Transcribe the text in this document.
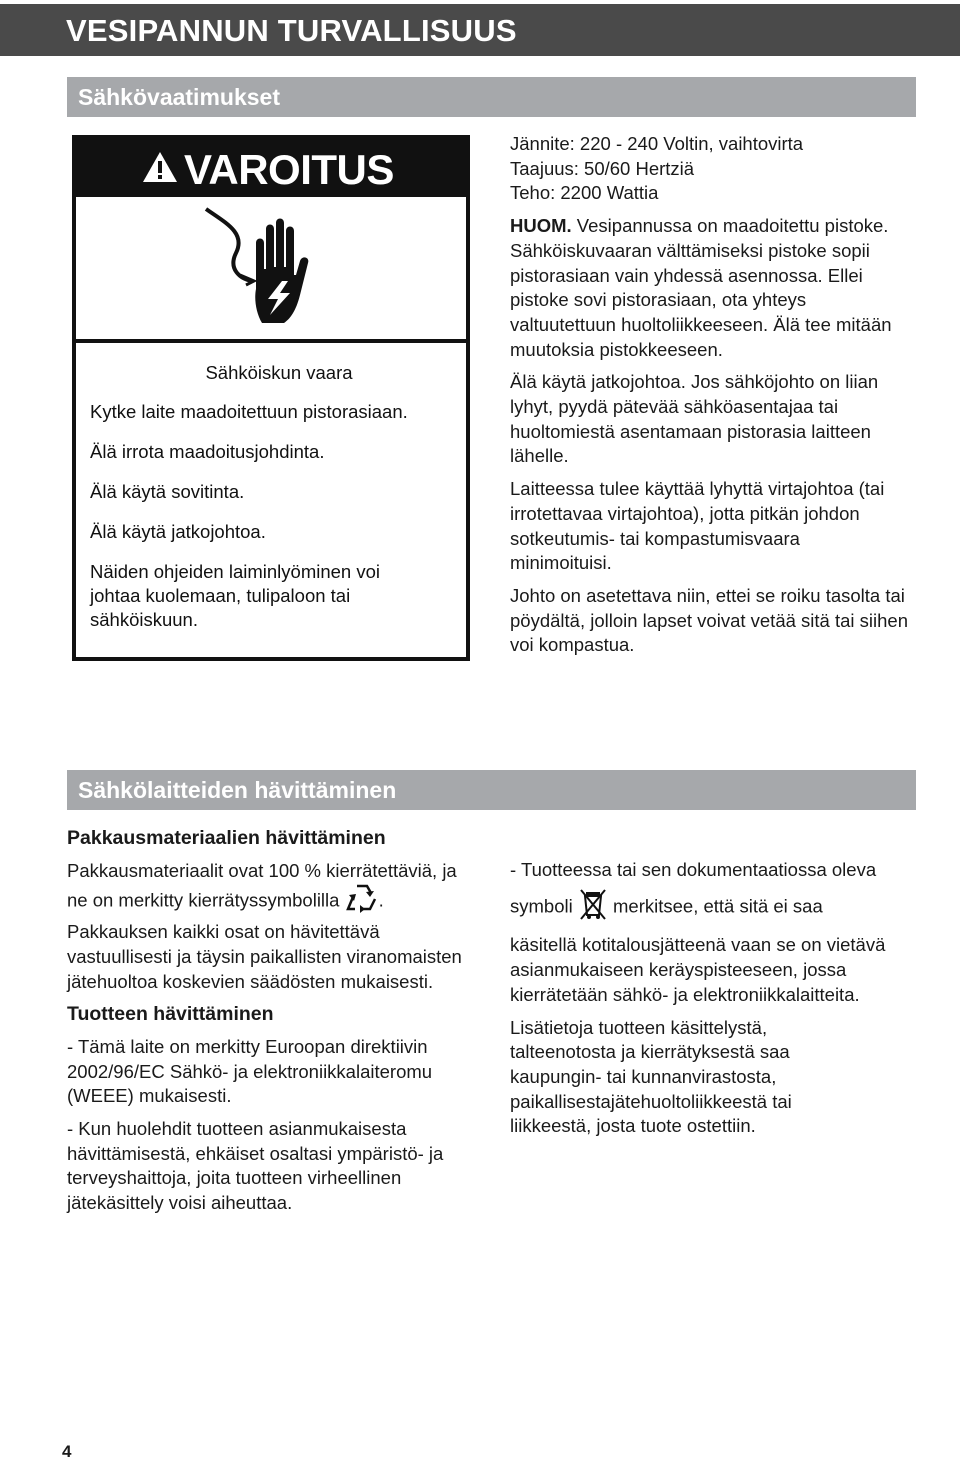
VESIPANNUN TURVALLISUUS
Sähkövaatimukset
VAROITUS

Sähköiskun vaara

Kytke laite maadoitettuun pistorasiaan.

Älä irrota maadoitusjohdinta.

Älä käytä sovitinta.

Älä käytä jatkojohtoa.

Näiden ohjeiden laiminlyöminen voi johtaa kuolemaan, tulipaloon tai sähköiskuun.

Jännite: 220 - 240 Voltin, vaihtovirta

Taajuus: 50/60 Hertziä

Teho: 2200 Wattia

HUOM. Vesipannussa on maadoitettu pistoke. Sähköiskuvaaran välttämiseksi pistoke sopii pistorasiaan vain yhdessä asennossa. Ellei pistoke sovi pistorasiaan, ota yhteys valtuutettuun huoltoliikkeeseen. Älä tee mitään muutoksia pistokkeeseen.

Älä käytä jatkojohtoa. Jos sähköjohto on liian lyhyt, pyydä pätevää sähköasentajaa tai huoltomiestä asentamaan pistorasia laitteen lähelle.

Laitteessa tulee käyttää lyhyttä virtajohtoa (tai irrotettavaa virtajohtoa), jotta pitkän johdon sotkeutumis- tai kompastumisvaara minimoituisi.

Johto on asetettava niin, ettei se roiku tasolta tai pöydältä, jolloin lapset voivat vetää sitä tai siihen voi kompastua.

Sähkölaitteiden hävittäminen

Pakkausmateriaalien hävittäminen

Pakkausmateriaalit ovat 100 % kierrätettäviä, ja ne on merkitty kierrätyssymbolilla . Pakkauksen kaikki osat on hävitettävä vastuullisesti ja täysin paikallisten viranomaisten jätehuoltoa koskevien säädösten mukaisesti.

Tuotteen hävittäminen

- Tämä laite on merkitty Euroopan direktiivin 2002/96/EC Sähkö- ja elektroniikkalaiteromu (WEEE) mukaisesti.

- Kun huolehdit tuotteen asianmukaisesta hävittämisestä, ehkäiset osaltasi ympäristö- ja terveyshaittoja, joita tuotteen virheellinen jätekäsittely voisi aiheuttaa.

- Tuotteessa tai sen dokumentaatiossa oleva

symboli merkitsee, että sitä ei saa

käsitellä kotitalousjätteenä vaan se on vietävä asianmukaiseen keräyspisteeseen, jossa kierrätetään sähkö- ja elektroniikkalaitteita.

Lisätietoja tuotteen käsittelystä, talteenotosta ja kierrätyksestä saa kaupungin- tai kunnanvirastosta, paikallisestajätehuoltoliikkeestä tai liikkeestä, josta tuote ostettiin.

4
